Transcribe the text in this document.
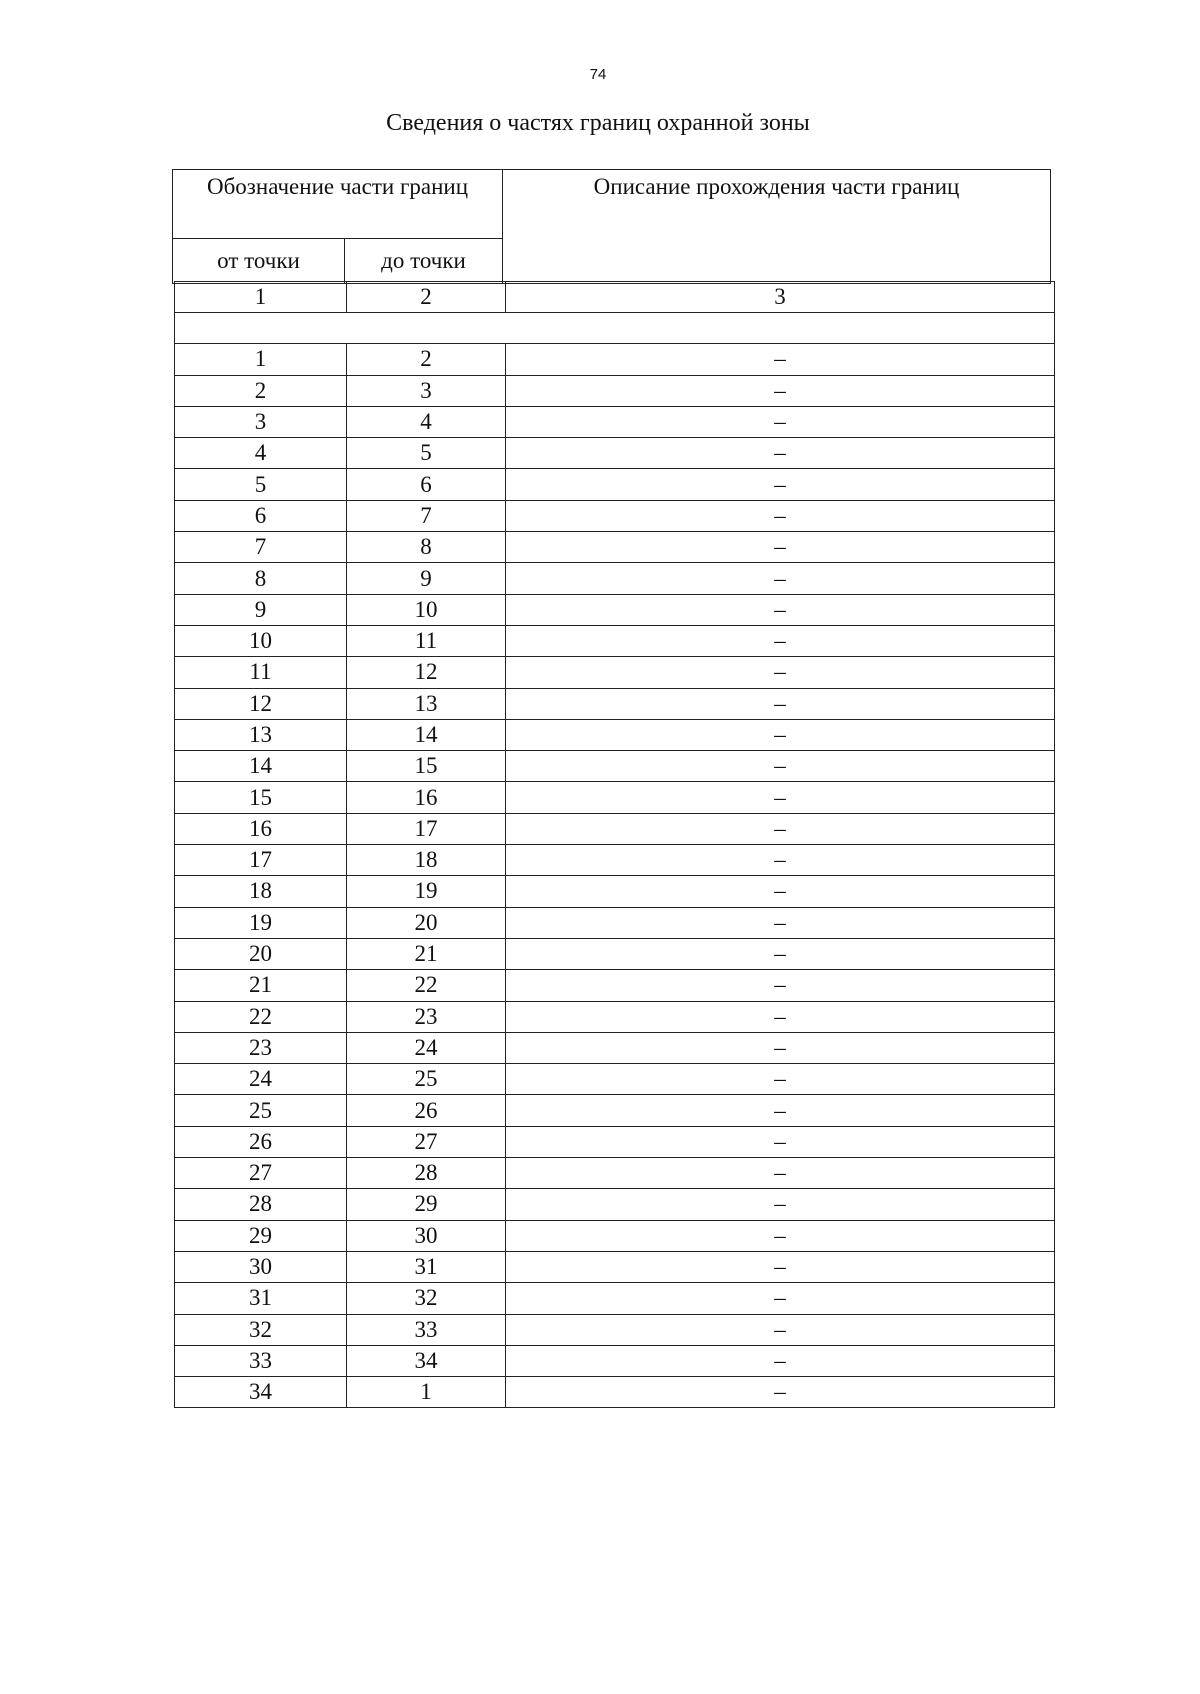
74
Сведения о частях границ охранной зоны
Обозначение части границ		Описание прохождения части границ
от точки	до точки	
1	2	3

1	2	–
2	3	–
3	4	–
4	5	–
5	6	–
6	7	–
7	8	–
8	9	–
9	10	–
10	11	–
11	12	–
12	13	–
13	14	–
14	15	–
15	16	–
16	17	–
17	18	–
18	19	–
19	20	–
20	21	–
21	22	–
22	23	–
23	24	–
24	25	–
25	26	–
26	27	–
27	28	–
28	29	–
29	30	–
30	31	–
31	32	–
32	33	–
33	34	–
34	1	–
